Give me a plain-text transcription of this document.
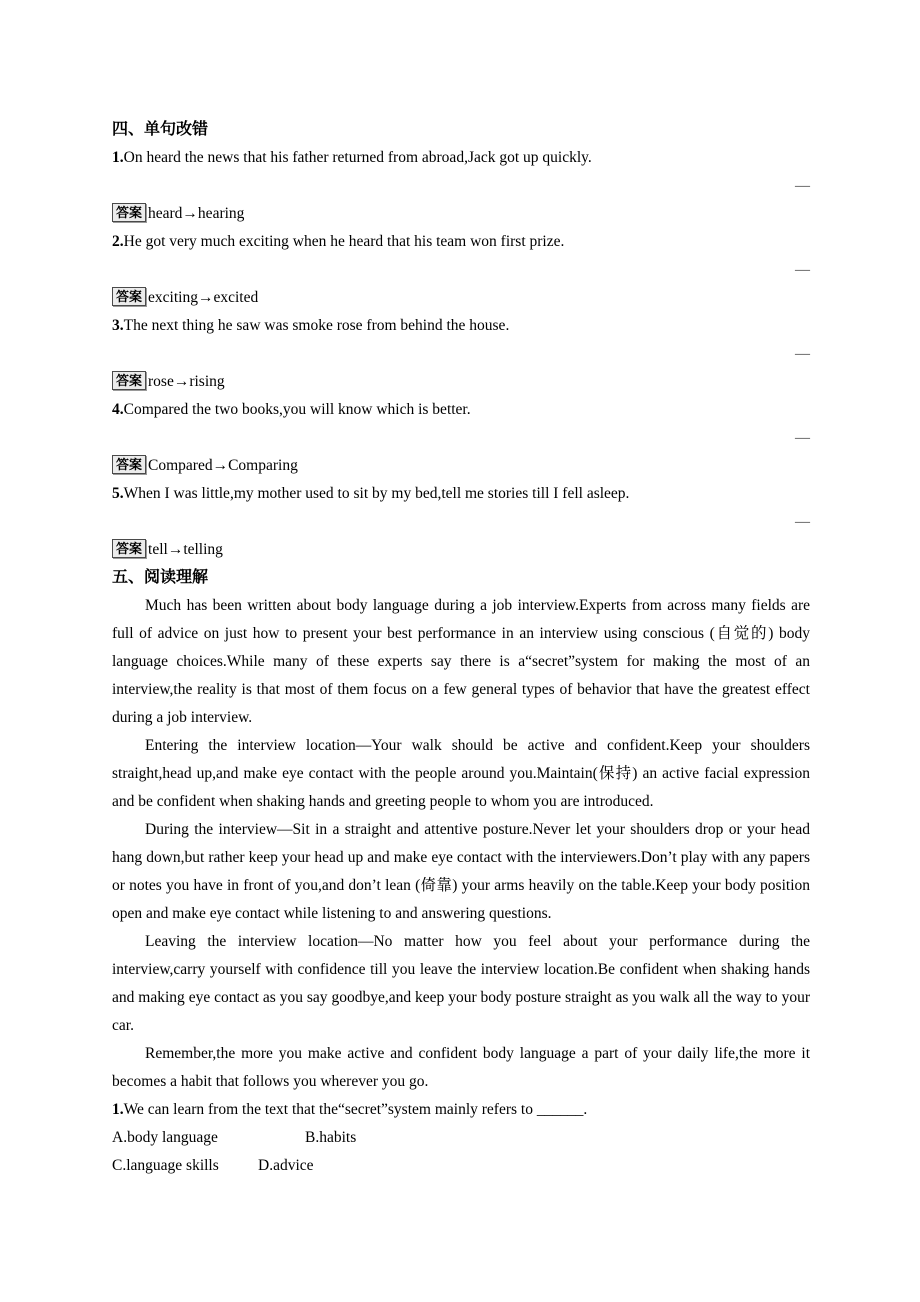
四、单句改错
1.On heard the news that his father returned from abroad,Jack got up quickly.
—
答案 heard→hearing
2.He got very much exciting when he heard that his team won first prize.
—
答案 exciting→excited
3.The next thing he saw was smoke rose from behind the house.
—
答案 rose→rising
4.Compared the two books,you will know which is better.
—
答案 Compared→Comparing
5.When I was little,my mother used to sit by my bed,tell me stories till I fell asleep.
—
答案 tell→telling
五、阅读理解

Much has been written about body language during a job interview.Experts from across many fields are full of advice on just how to present your best performance in an interview using conscious (自觉的) body language choices.While many of these experts say there is a“secret”system for making the most of an interview,the reality is that most of them focus on a few general types of behavior that have the greatest effect during a job interview.

Entering the interview location—Your walk should be active and confident.Keep your shoulders straight,head up,and make eye contact with the people around you.Maintain(保持) an active facial expression and be confident when shaking hands and greeting people to whom you are introduced.

During the interview—Sit in a straight and attentive posture.Never let your shoulders drop or your head hang down,but rather keep your head up and make eye contact with the interviewers.Don’t play with any papers or notes you have in front of you,and don’t lean (倚靠) your arms heavily on the table.Keep your body position open and make eye contact while listening to and answering questions.

Leaving the interview location—No matter how you feel about your performance during the interview,carry yourself with confidence till you leave the interview location.Be confident when shaking hands and making eye contact as you say goodbye,and keep your body posture straight as you walk all the way to your car.

Remember,the more you make active and confident body language a part of your daily life,the more it becomes a habit that follows you wherever you go.

1.We can learn from the text that the“secret”system mainly refers to ______.
A.body language	B.habits
C.language skills	D.advice
